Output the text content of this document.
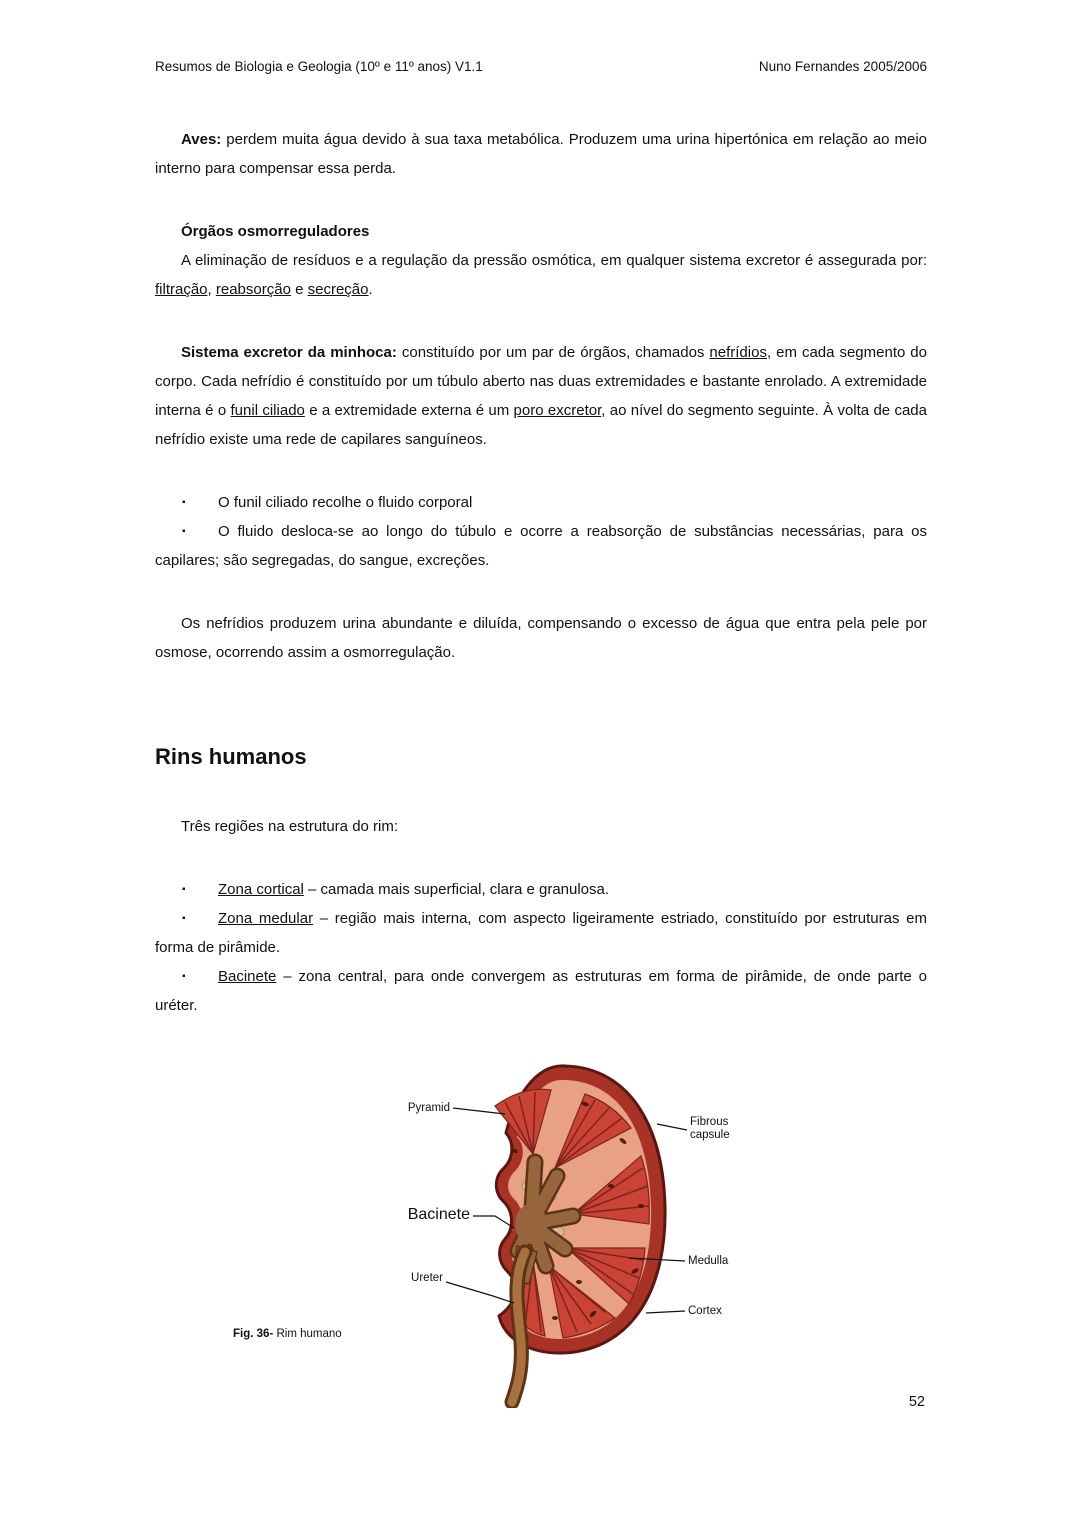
Resumos de Biologia e Geologia (10º e 11º anos) V1.1	Nuno Fernandes 2005/2006

Aves: perdem muita água devido à sua taxa metabólica. Produzem uma urina hipertónica em relação ao meio interno para compensar essa perda.

Órgãos osmorreguladores

A eliminação de resíduos e a regulação da pressão osmótica, em qualquer sistema excretor é assegurada por: filtração, reabsorção e secreção.

Sistema excretor da minhoca: constituído por um par de órgãos, chamados nefrídios, em cada segmento do corpo. Cada nefrídio é constituído por um túbulo aberto nas duas extremidades e bastante enrolado. A extremidade interna é o funil ciliado e a extremidade externa é um poro excretor, ao nível do segmento seguinte. À volta de cada nefrídio existe uma rede de capilares sanguíneos.

▪ O funil ciliado recolhe o fluido corporal

▪ O fluido desloca-se ao longo do túbulo e ocorre a reabsorção de substâncias necessárias, para os capilares; são segregadas, do sangue, excreções.

Os nefrídios produzem urina abundante e diluída, compensando o excesso de água que entra pela pele por osmose, ocorrendo assim a osmorregulação.

Rins humanos

Três regiões na estrutura do rim:

▪ Zona cortical – camada mais superficial, clara e granulosa.

▪ Zona medular – região mais interna, com aspecto ligeiramente estriado, constituído por estruturas em forma de pirâmide.

▪ Bacinete – zona central, para onde convergem as estruturas em forma de pirâmide, de onde parte o uréter.

Pyramid
Fibrous capsule
Bacinete
Ureter
Medulla
Cortex
Fig. 36- Rim humano
52
